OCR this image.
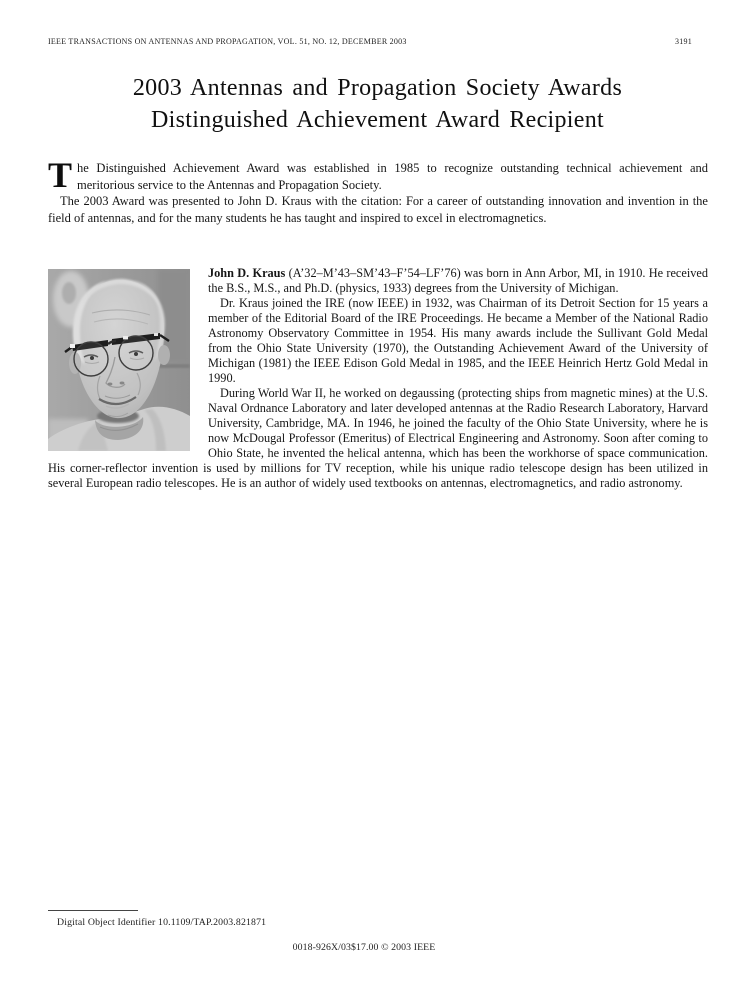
IEEE TRANSACTIONS ON ANTENNAS AND PROPAGATION, VOL. 51, NO. 12, DECEMBER 2003	3191
2003 Antennas and Propagation Society Awards
Distinguished Achievement Award Recipient

The Distinguished Achievement Award was established in 1985 to recognize outstanding technical achievement and meritorious service to the Antennas and Propagation Society.

The 2003 Award was presented to John D. Kraus with the citation: For a career of outstanding innovation and invention in the field of antennas, and for the many students he has taught and inspired to excel in electromagnetics.

John D. Kraus (A’32–M’43–SM’43–F’54–LF’76) was born in Ann Arbor, MI, in 1910. He received the B.S., M.S., and Ph.D. (physics, 1933) degrees from the University of Michigan.

Dr. Kraus joined the IRE (now IEEE) in 1932, was Chairman of its Detroit Section for 15 years a member of the Editorial Board of the IRE Proceedings. He became a Member of the National Radio Astronomy Observatory Committee in 1954. His many awards include the Sullivant Gold Medal from the Ohio State University (1970), the Outstanding Achievement Award of the University of Michigan (1981) the IEEE Edison Gold Medal in 1985, and the IEEE Heinrich Hertz Gold Medal in 1990.

During World War II, he worked on degaussing (protecting ships from magnetic mines) at the U.S. Naval Ordnance Laboratory and later developed antennas at the Radio Research Laboratory, Harvard University, Cambridge, MA. In 1946, he joined the faculty of the Ohio State University, where he is now McDougal Professor (Emeritus) of Electrical Engineering and Astronomy. Soon after coming to Ohio State, he invented the helical antenna, which has been the workhorse of space communication. His corner-reflector invention is used by millions for TV reception, while his unique radio telescope design has been utilized in several European radio telescopes. He is an author of widely used textbooks on antennas, electromagnetics, and radio astronomy.

Digital Object Identifier 10.1109/TAP.2003.821871
0018-926X/03$17.00 © 2003 IEEE
